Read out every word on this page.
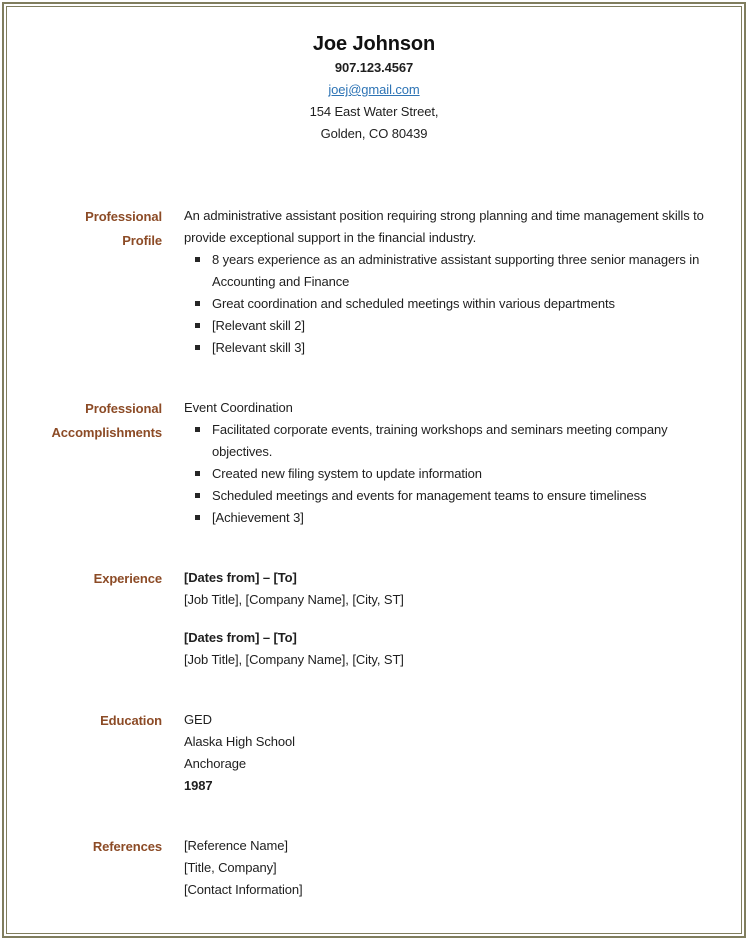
Joe Johnson
907.123.4567
joej@gmail.com
154 East Water Street,
Golden, CO 80439
Professional
Profile
An administrative assistant position requiring strong planning and time management skills to provide exceptional support in the financial industry.
8 years experience as an administrative assistant supporting three senior managers in Accounting and Finance
Great coordination and scheduled meetings within various departments
[Relevant skill 2]
[Relevant skill 3]
Professional
Accomplishments
Event Coordination
Facilitated corporate events, training workshops and seminars meeting company objectives.
Created new filing system to update information
Scheduled meetings and events for management teams to ensure timeliness
[Achievement 3]
Experience [Dates from] – [To]
[Job Title], [Company Name], [City, ST]
[Dates from] – [To]
[Job Title], [Company Name], [City, ST]
Education GED
Alaska High School
Anchorage
1987
References [Reference Name]
[Title, Company]
[Contact Information]
